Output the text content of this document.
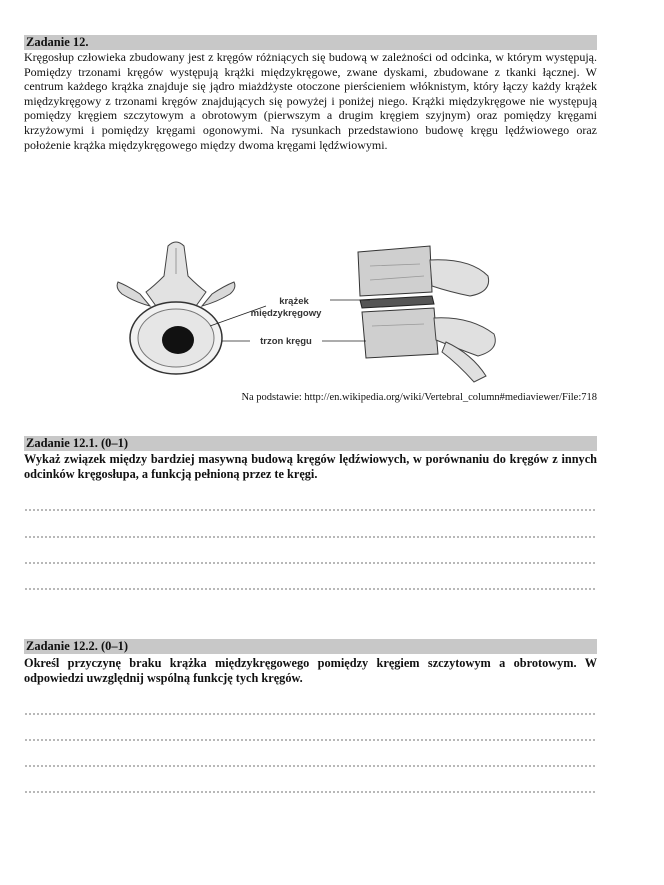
Zadanie 12.

Kręgosłup człowieka zbudowany jest z kręgów różniących się budową w zależności od odcinka, w którym występują. Pomiędzy trzonami kręgów występują krążki międzykręgowe, zwane dyskami, zbudowane z tkanki łącznej. W centrum każdego krążka znajduje się jądro miażdżyste otoczone pierścieniem włóknistym, który łączy każdy krążek międzykręgowy z trzonami kręgów znajdujących się powyżej i poniżej niego. Krążki międzykręgowe nie występują pomiędzy kręgiem szczytowym a obrotowym (pierwszym a drugim kręgiem szyjnym) oraz pomiędzy kręgami krzyżowymi i pomiędzy kręgami ogonowymi. Na rysunkach przedstawiono budowę kręgu lędźwiowego oraz położenie krążka międzykręgowego między dwoma kręgami lędźwiowymi.

krążek
międzykręgowy
trzon kręgu
Na podstawie: http://en.wikipedia.org/wiki/Vertebral_column#mediaviewer/File:718
Zadanie 12.1. (0–1)

Wykaż związek między bardziej masywną budową kręgów lędźwiowych, w porównaniu do kręgów z innych odcinków kręgosłupa, a funkcją pełnioną przez te kręgi.

Zadanie 12.2. (0–1)

Określ przyczynę braku krążka międzykręgowego pomiędzy kręgiem szczytowym a obrotowym. W odpowiedzi uwzględnij wspólną funkcję tych kręgów.
